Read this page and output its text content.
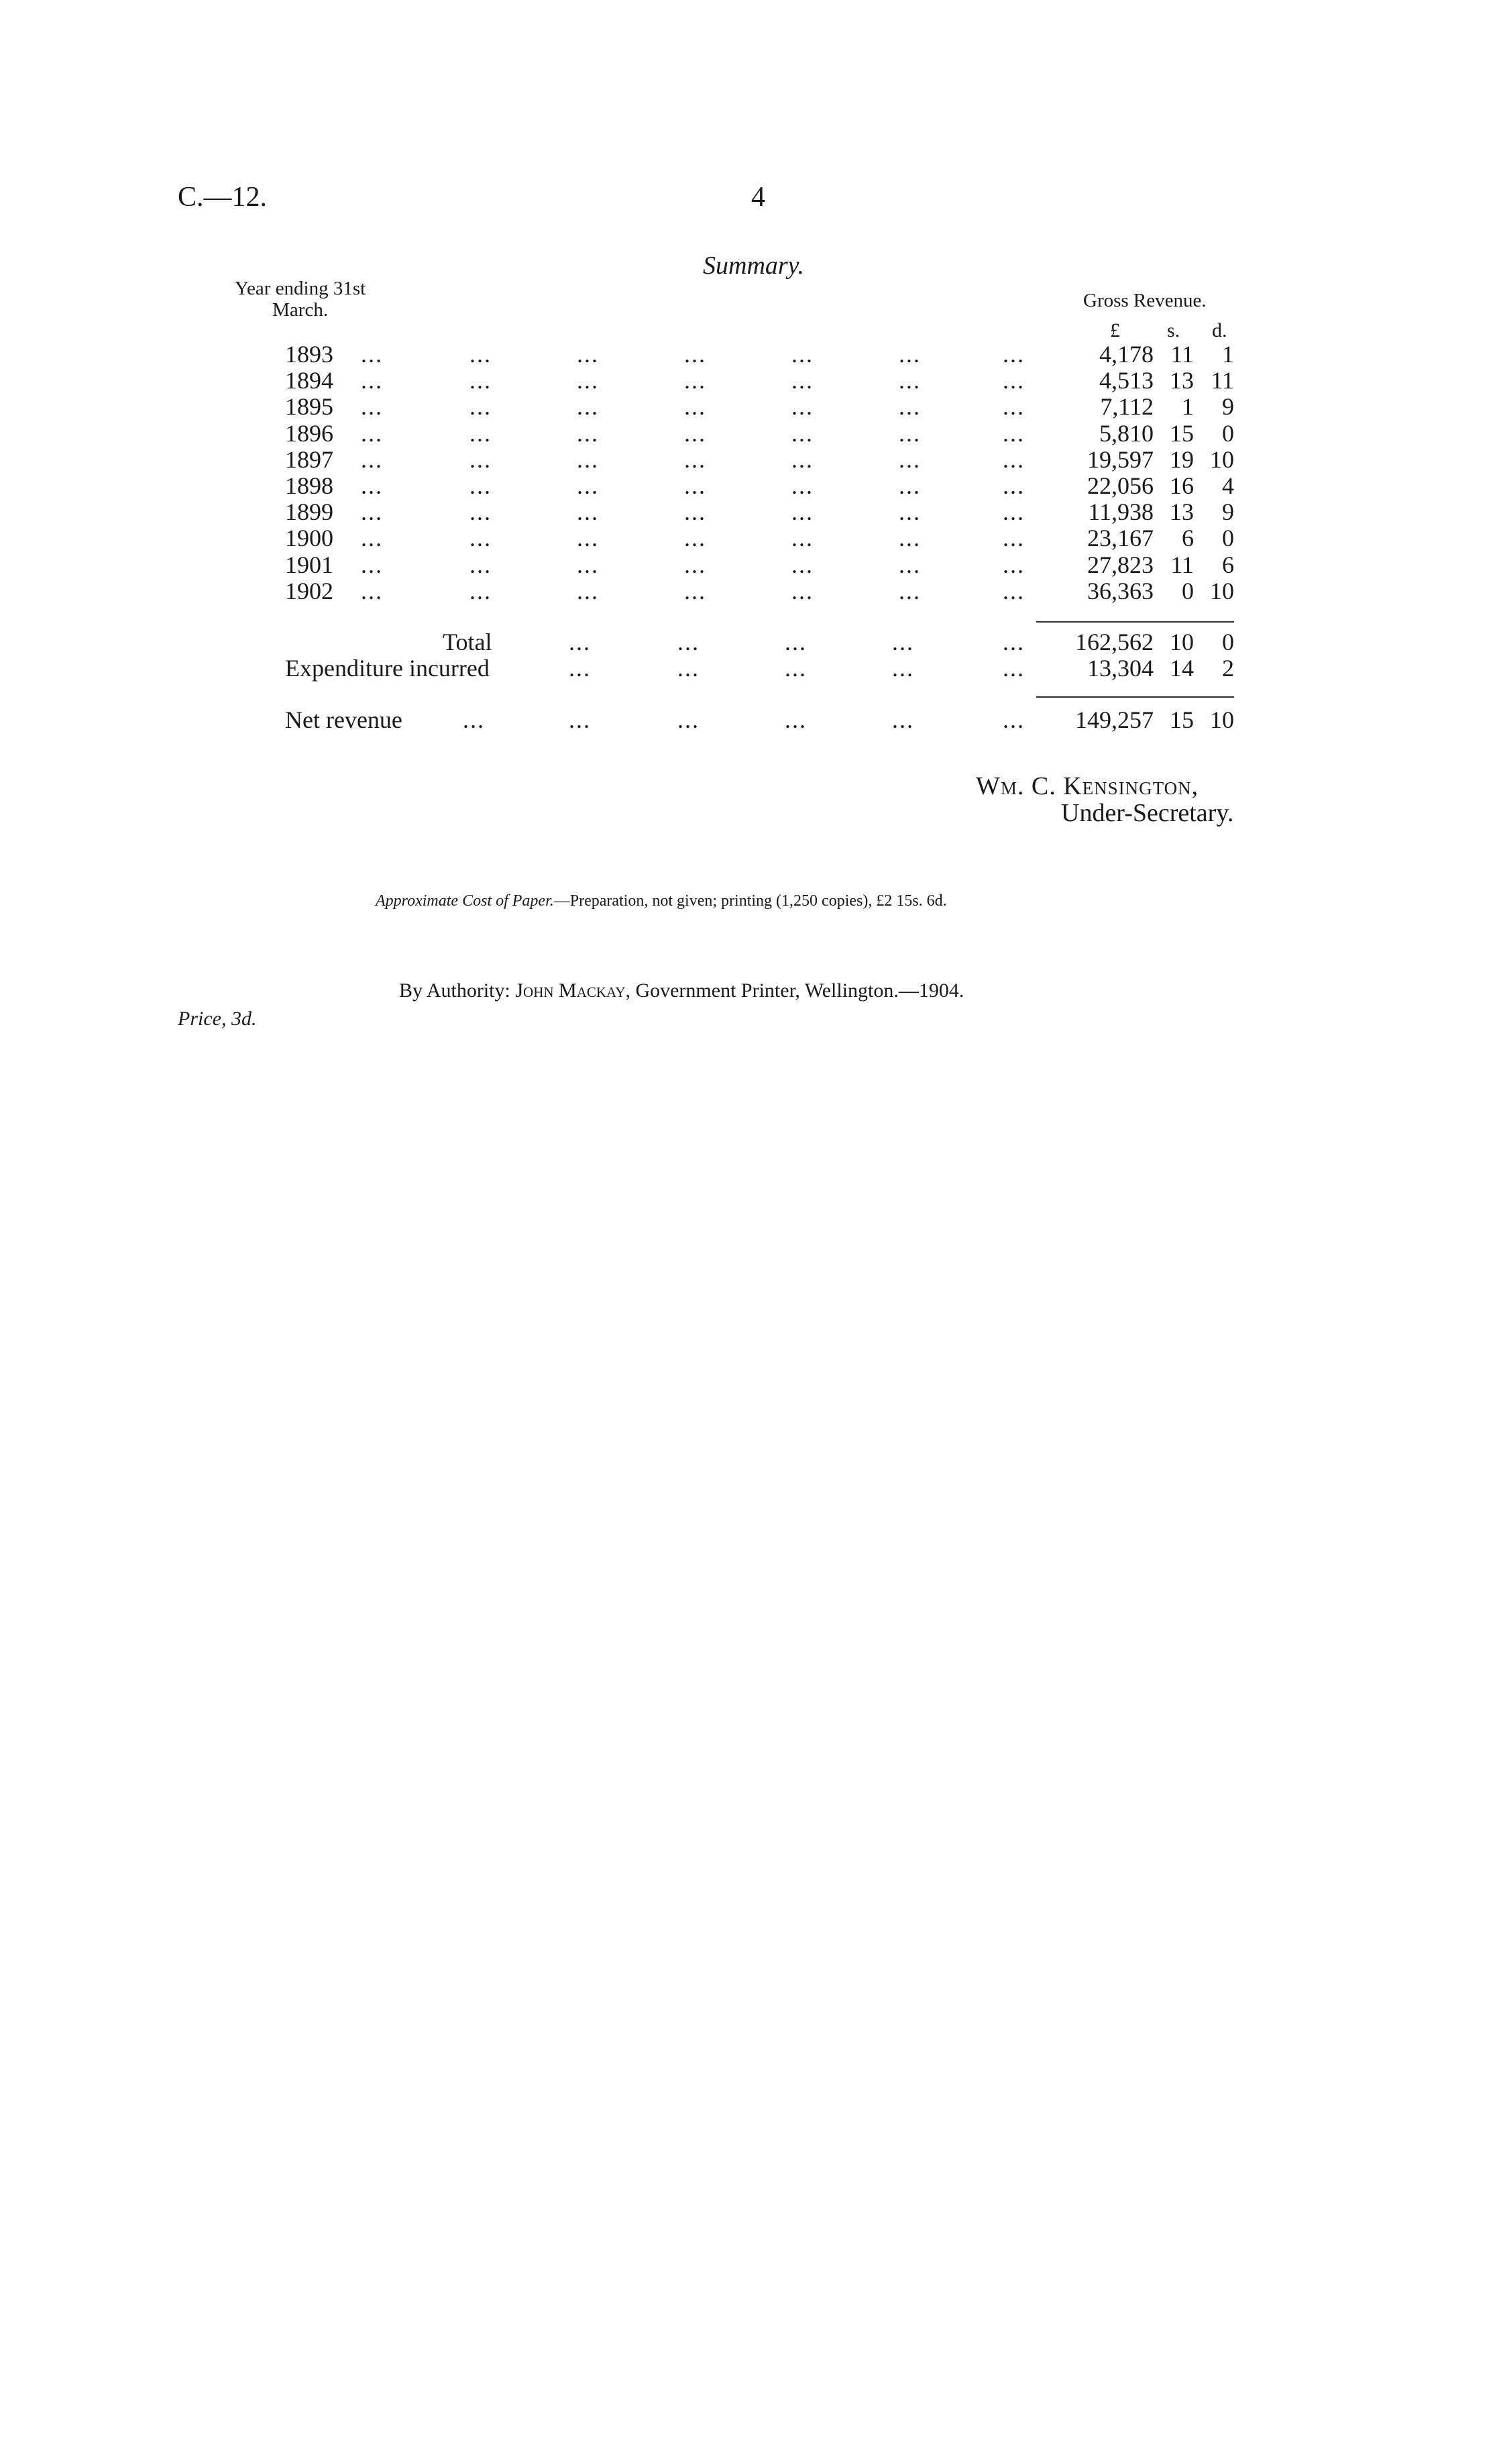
C.—12.	4
Summary.
Year ending 31st
March.	Gross Revenue.
£ s. d.
1893 ...	...	...	...	...	...	...	4,178 11	1
1894 ...	...	...	...	...	...	...	4,513 13 11
1895 ...	...	...	...	...	...	...	7,112	1	9
1896 ...	...	...	...	...	...	...	5,810 15	0
1897 ...	...	...	...	...	...	...	19,597 19 10
1898 ...	...	...	...	...	...	...	22,056 16	4
1899 ...	...	...	...	...	...	...	11,938 13	9
1900 ...	...	...	...	...	...	...	23,167	6	0
1901 ...	...	...	...	...	...	...	27,823 11	6
1902 ...	...	...	...	...	...	...	36,363	0 10
Total	...	...	...	...	...	162,562 10	0
Expenditure incurred	...	...	...	...	...	13,304 14	2
Net revenue	...	...	...	...	...	...	149,257 15 10
Wm. C. Kensington,
Under-Secretary.
Approximate Cost of Paper.—Preparation, not given; printing (1,250 copies), £2 15s. 6d.
By Authority: John Mackay, Government Printer, Wellington.—1904.
Price, 3d.
